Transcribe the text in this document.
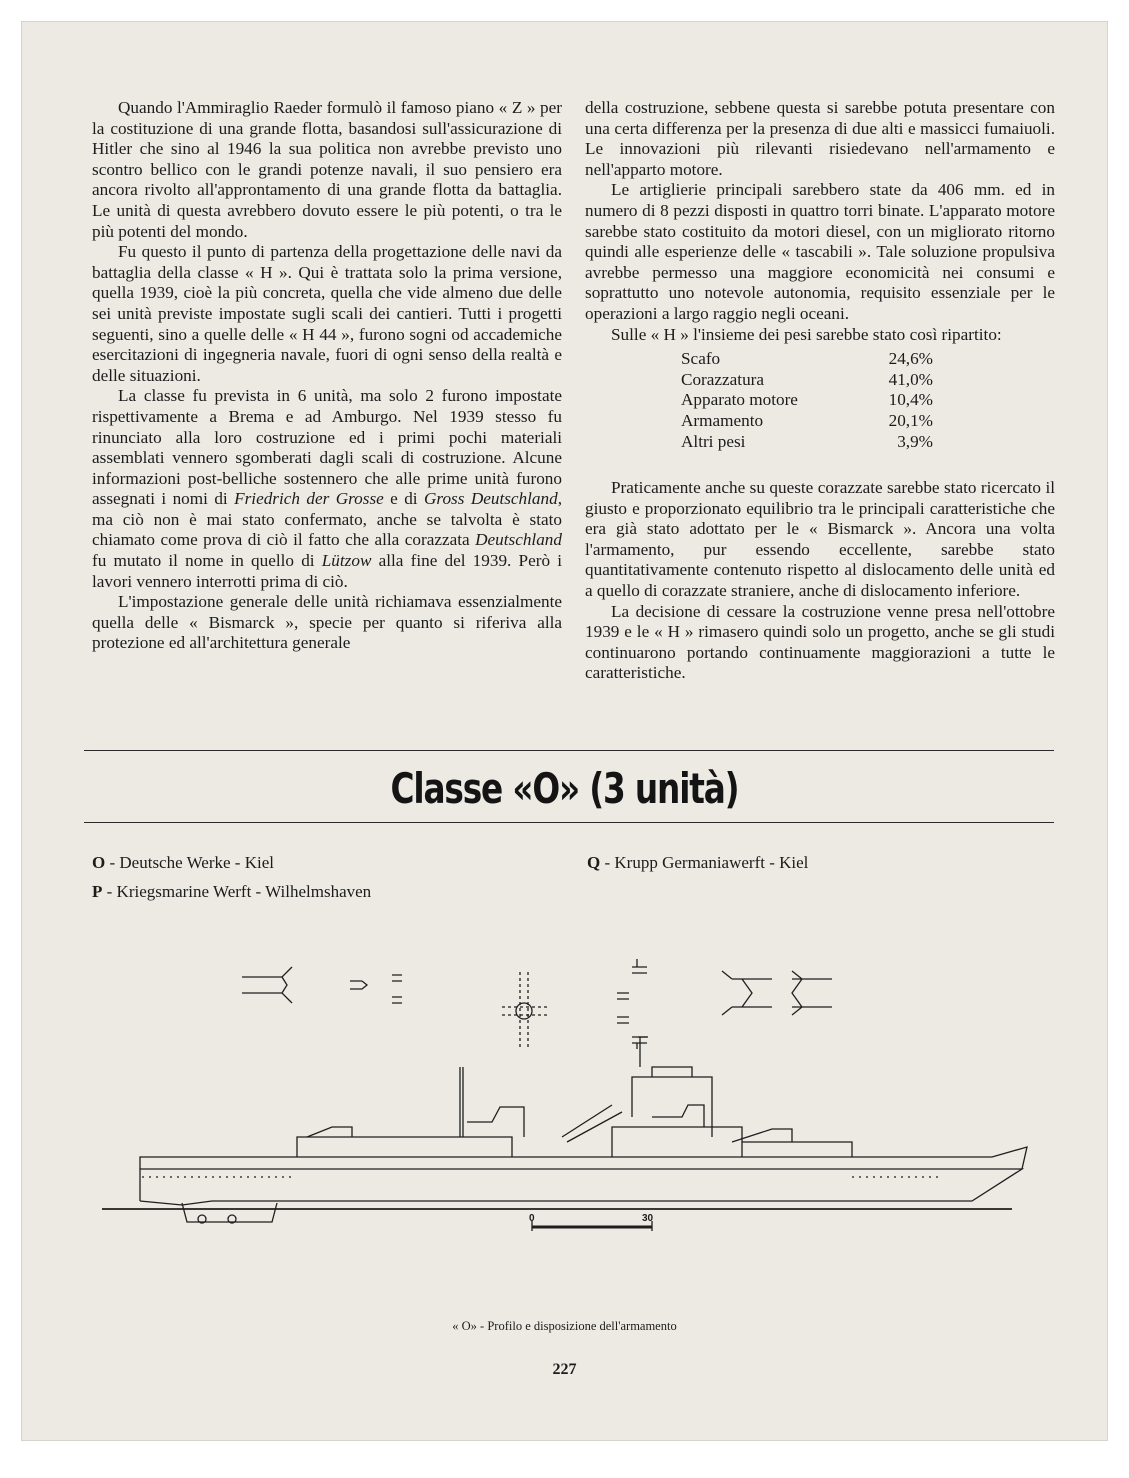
Quando l'Ammiraglio Raeder formulò il famoso piano « Z » per la costituzione di una grande flotta, basandosi sull'assicurazione di Hitler che sino al 1946 la sua politica non avrebbe previsto uno scontro bellico con le grandi potenze navali, il suo pensiero era ancora rivolto all'approntamento di una grande flotta da battaglia. Le unità di questa avrebbero dovuto essere le più potenti, o tra le più potenti del mondo.

Fu questo il punto di partenza della progettazione delle navi da battaglia della classe « H ». Qui è trattata solo la prima versione, quella 1939, cioè la più concreta, quella che vide almeno due delle sei unità previste impostate sugli scali dei cantieri. Tutti i progetti seguenti, sino a quelle delle « H 44 », furono sogni od accademiche esercitazioni di ingegneria navale, fuori di ogni senso della realtà e delle situazioni.

La classe fu prevista in 6 unità, ma solo 2 furono impostate rispettivamente a Brema e ad Amburgo. Nel 1939 stesso fu rinunciato alla loro costruzione ed i primi pochi materiali assemblati vennero sgomberati dagli scali di costruzione. Alcune informazioni post-belliche sostennero che alle prime unità furono assegnati i nomi di Friedrich der Grosse e di Gross Deutschland, ma ciò non è mai stato confermato, anche se talvolta è stato chiamato come prova di ciò il fatto che alla corazzata Deutschland fu mutato il nome in quello di Lützow alla fine del 1939. Però i lavori vennero interrotti prima di ciò.

L'impostazione generale delle unità richiamava essenzialmente quella delle « Bismarck », specie per quanto si riferiva alla protezione ed all'architettura generale

della costruzione, sebbene questa si sarebbe potuta presentare con una certa differenza per la presenza di due alti e massicci fumaiuoli. Le innovazioni più rilevanti risiedevano nell'armamento e nell'apparto motore.

Le artiglierie principali sarebbero state da 406 mm. ed in numero di 8 pezzi disposti in quattro torri binate. L'apparato motore sarebbe stato costituito da motori diesel, con un migliorato ritorno quindi alle esperienze delle « tascabili ». Tale soluzione propulsiva avrebbe permesso una maggiore economicità nei consumi e soprattutto uno notevole autonomia, requisito essenziale per le operazioni a largo raggio negli oceani.

Sulle « H » l'insieme dei pesi sarebbe stato così ripartito:

Scafo	24,6%
Corazzatura	41,0%
Apparato motore	10,4%
Armamento	20,1%
Altri pesi	3,9%

Praticamente anche su queste corazzate sarebbe stato ricercato il giusto e proporzionato equilibrio tra le principali caratteristiche che era già stato adottato per le « Bismarck ». Ancora una volta l'armamento, pur essendo eccellente, sarebbe stato quantitativamente contenuto rispetto al dislocamento delle unità ed a quello di corazzate straniere, anche di dislocamento inferiore.

La decisione di cessare la costruzione venne presa nell'ottobre 1939 e le « H » rimasero quindi solo un progetto, anche se gli studi continuarono portando continuamente maggiorazioni a tutte le caratteristiche.

Classe «O» (3 unità)
O - Deutsche Werke - Kiel
P - Kriegsmarine Werft - Wilhelmshaven
Q - Krupp Germaniawerft - Kiel
0	30
« O» - Profilo e disposizione dell'armamento
227
